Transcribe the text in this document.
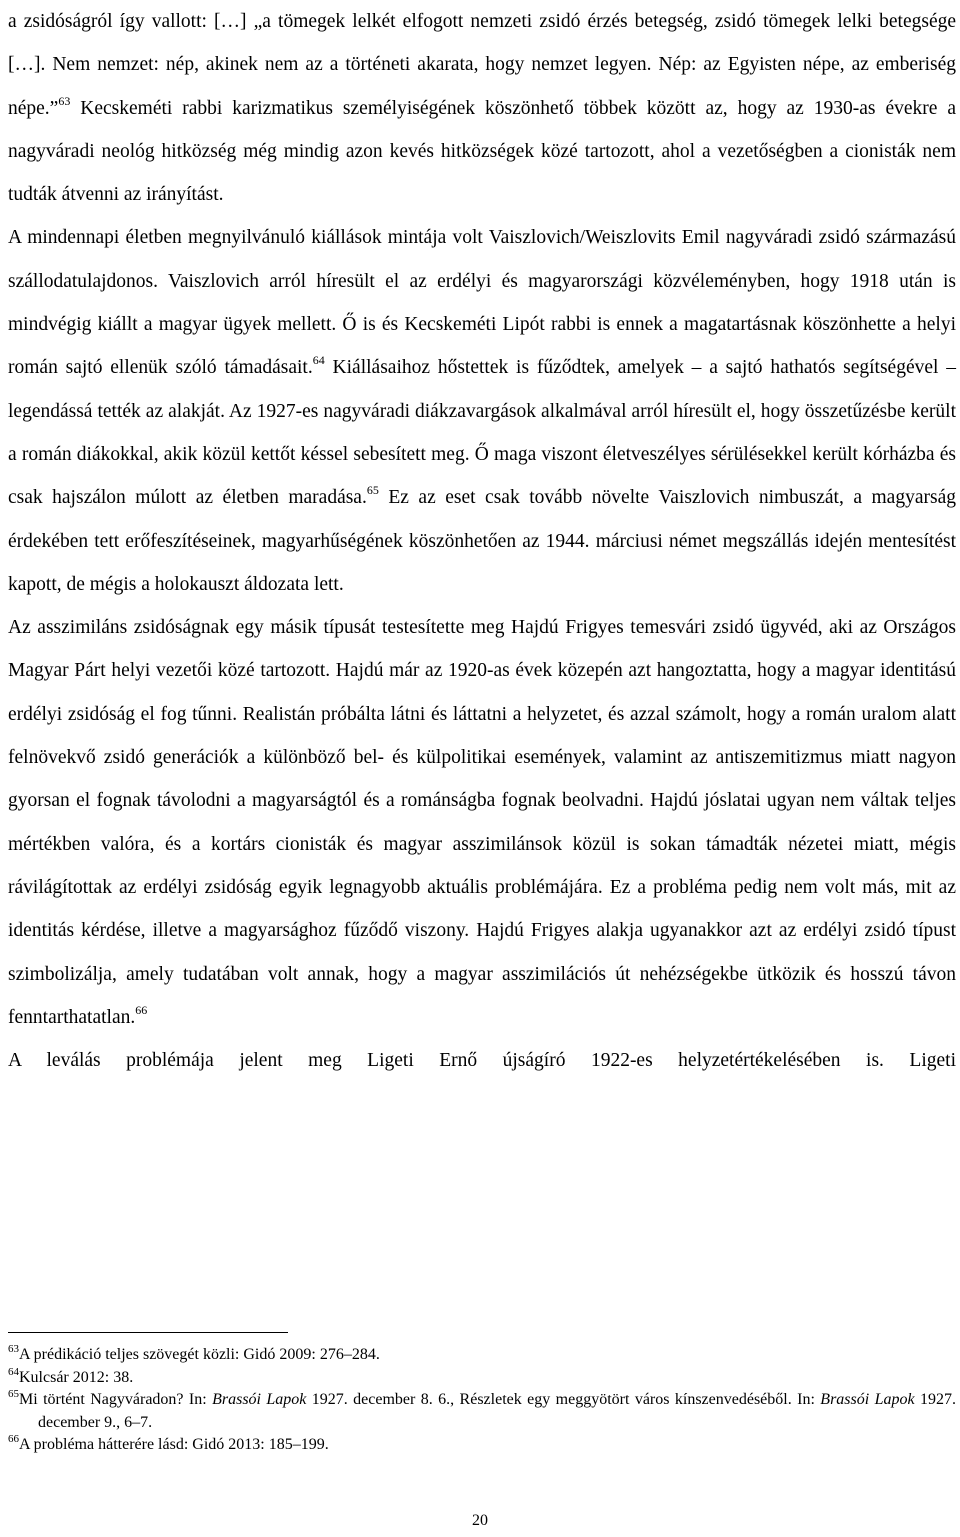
a zsidóságról így vallott: […] „a tömegek lelkét elfogott nemzeti zsidó érzés betegség, zsidó tömegek lelki betegsége […]. Nem nemzet: nép, akinek nem az a történeti akarata, hogy nemzet legyen. Nép: az Egyisten népe, az emberiség népe.”$^{63}$ Kecskeméti rabbi karizmatikus személyiségének köszönhető többek között az, hogy az 1930-as évekre a nagyváradi neológ hitközség még mindig azon kevés hitközségek közé tartozott, ahol a vezetőségben a cionisták nem tudták átvenni az irányítást.

A mindennapi életben megnyilvánuló kiállások mintája volt Vaiszlovich/Weiszlovits Emil nagyváradi zsidó származású szállodatulajdonos. Vaiszlovich arról híresült el az erdélyi és magyarországi közvéleményben, hogy 1918 után is mindvégig kiállt a magyar ügyek mellett. Ő is és Kecskeméti Lipót rabbi is ennek a magatartásnak köszönhette a helyi román sajtó ellenük szóló támadásait.$^{64}$ Kiállásaihoz hőstettek is fűződtek, amelyek – a sajtó hathatós segítségével – legendássá tették az alakját. Az 1927-es nagyváradi diákzavargások alkalmával arról híresült el, hogy összetűzésbe került a román diákokkal, akik közül kettőt késsel sebesített meg. Ő maga viszont életveszélyes sérülésekkel került kórházba és csak hajszálon múlott az életben maradása.$^{65}$ Ez az eset csak tovább növelte Vaiszlovich nimbuszát, a magyarság érdekében tett erőfeszítéseinek, magyarhűségének köszönhetően az 1944. márciusi német megszállás idején mentesítést kapott, de mégis a holokauszt áldozata lett.

Az asszimiláns zsidóságnak egy másik típusát testesítette meg Hajdú Frigyes temesvári zsidó ügyvéd, aki az Országos Magyar Párt helyi vezetői közé tartozott. Hajdú már az 1920-as évek közepén azt hangoztatta, hogy a magyar identitású erdélyi zsidóság el fog tűnni. Realistán próbálta látni és láttatni a helyzetet, és azzal számolt, hogy a román uralom alatt felnövekvő zsidó generációk a különböző bel- és külpolitikai események, valamint az antiszemitizmus miatt nagyon gyorsan el fognak távolodni a magyarságtól és a románságba fognak beolvadni. Hajdú jóslatai ugyan nem váltak teljes mértékben valóra, és a kortárs cionisták és magyar asszimilánsok közül is sokan támadták nézetei miatt, mégis rávilágítottak az erdélyi zsidóság egyik legnagyobb aktuális problémájára. Ez a probléma pedig nem volt más, mit az identitás kérdése, illetve a magyarsághoz fűződő viszony. Hajdú Frigyes alakja ugyanakkor azt az erdélyi zsidó típust szimbolizálja, amely tudatában volt annak, hogy a magyar asszimilációs út nehézségekbe ütközik és hosszú távon fenntarthatatlan.$^{66}$

A leválás problémája jelent meg Ligeti Ernő újságíró 1922-es helyzetértékelésében is. Ligeti

$^{63}$A prédikáció teljes szövegét közli: Gidó 2009: 276–284.

$^{64}$Kulcsár 2012: 38.

$^{65}$Mi történt Nagyváradon? In: Brassói Lapok 1927. december 8. 6., Részletek egy meggyötört város kínszenvedéséből. In: Brassói Lapok 1927. december 9., 6–7.

$^{66}$A probléma hátterére lásd: Gidó 2013: 185–199.

20
